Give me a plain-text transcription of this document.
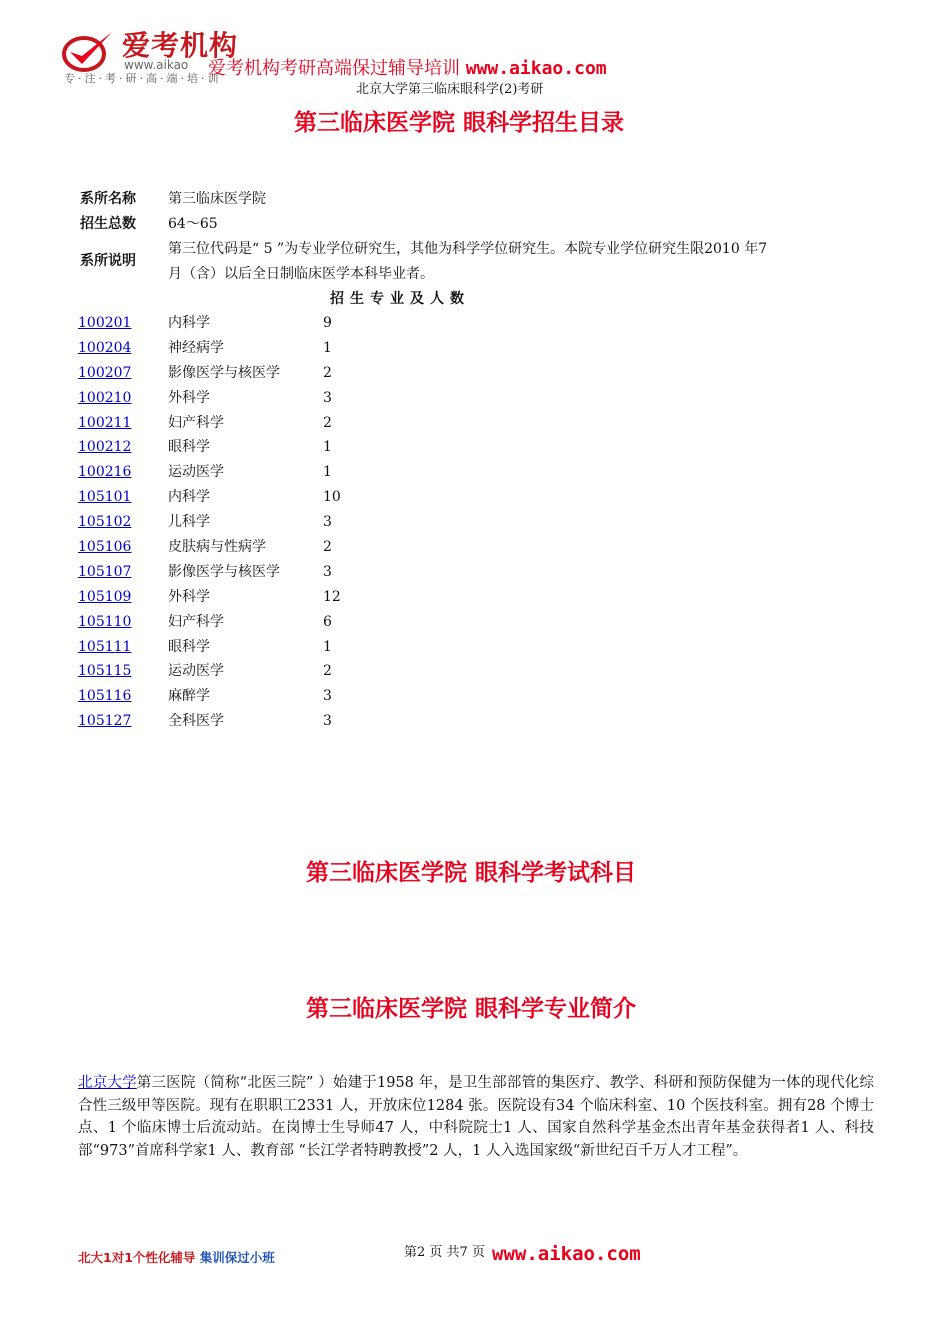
爱考机构
www.aikao
专·注·考·研·高·端·培·训
爱考机构考研高端保过辅导培训 www.aikao.com
北京大学第三临床眼科学(2)考研
第三临床医学院 眼科学招生目录
系所名称 第三临床医学院
招生总数 64～65
系所说明
第三位代码是“ 5 ”为专业学位研究生，其他为科学学位研究生。本院专业学位研究生限2010 年7 月（含）以后全日制临床医学本科毕业者。
招生专业及人数
100201	内科学	9
100204	神经病学	1
100207	影像医学与核医学	2
100210	外科学	3
100211	妇产科学	2
100212	眼科学	1
100216	运动医学	1
105101	内科学	10
105102	儿科学	3
105106	皮肤病与性病学	2
105107	影像医学与核医学	3
105109	外科学	12
105110	妇产科学	6
105111	眼科学	1
105115	运动医学	2
105116	麻醉学	3
105127	全科医学	3
第三临床医学院 眼科学考试科目
第三临床医学院 眼科学专业简介
北京大学第三医院（简称“北医三院” ）始建于1958 年，是卫生部部管的集医疗、教学、科研和预防保健为一体的现代化综合性三级甲等医院。现有在职职工2331 人，开放床位1284 张。医院设有34 个临床科室、10 个医技科室。拥有28 个博士点、1 个临床博士后流动站。在岗博士生导师47 人，中科院院士1 人、国家自然科学基金杰出青年基金获得者1 人、科技部“973”首席科学家1 人、教育部 “长江学者特聘教授”2 人，1 人入选国家级“新世纪百千万人才工程”。
北大1对1个性化辅导 集训保过小班	第2 页 共7 页 www.aikao.com
